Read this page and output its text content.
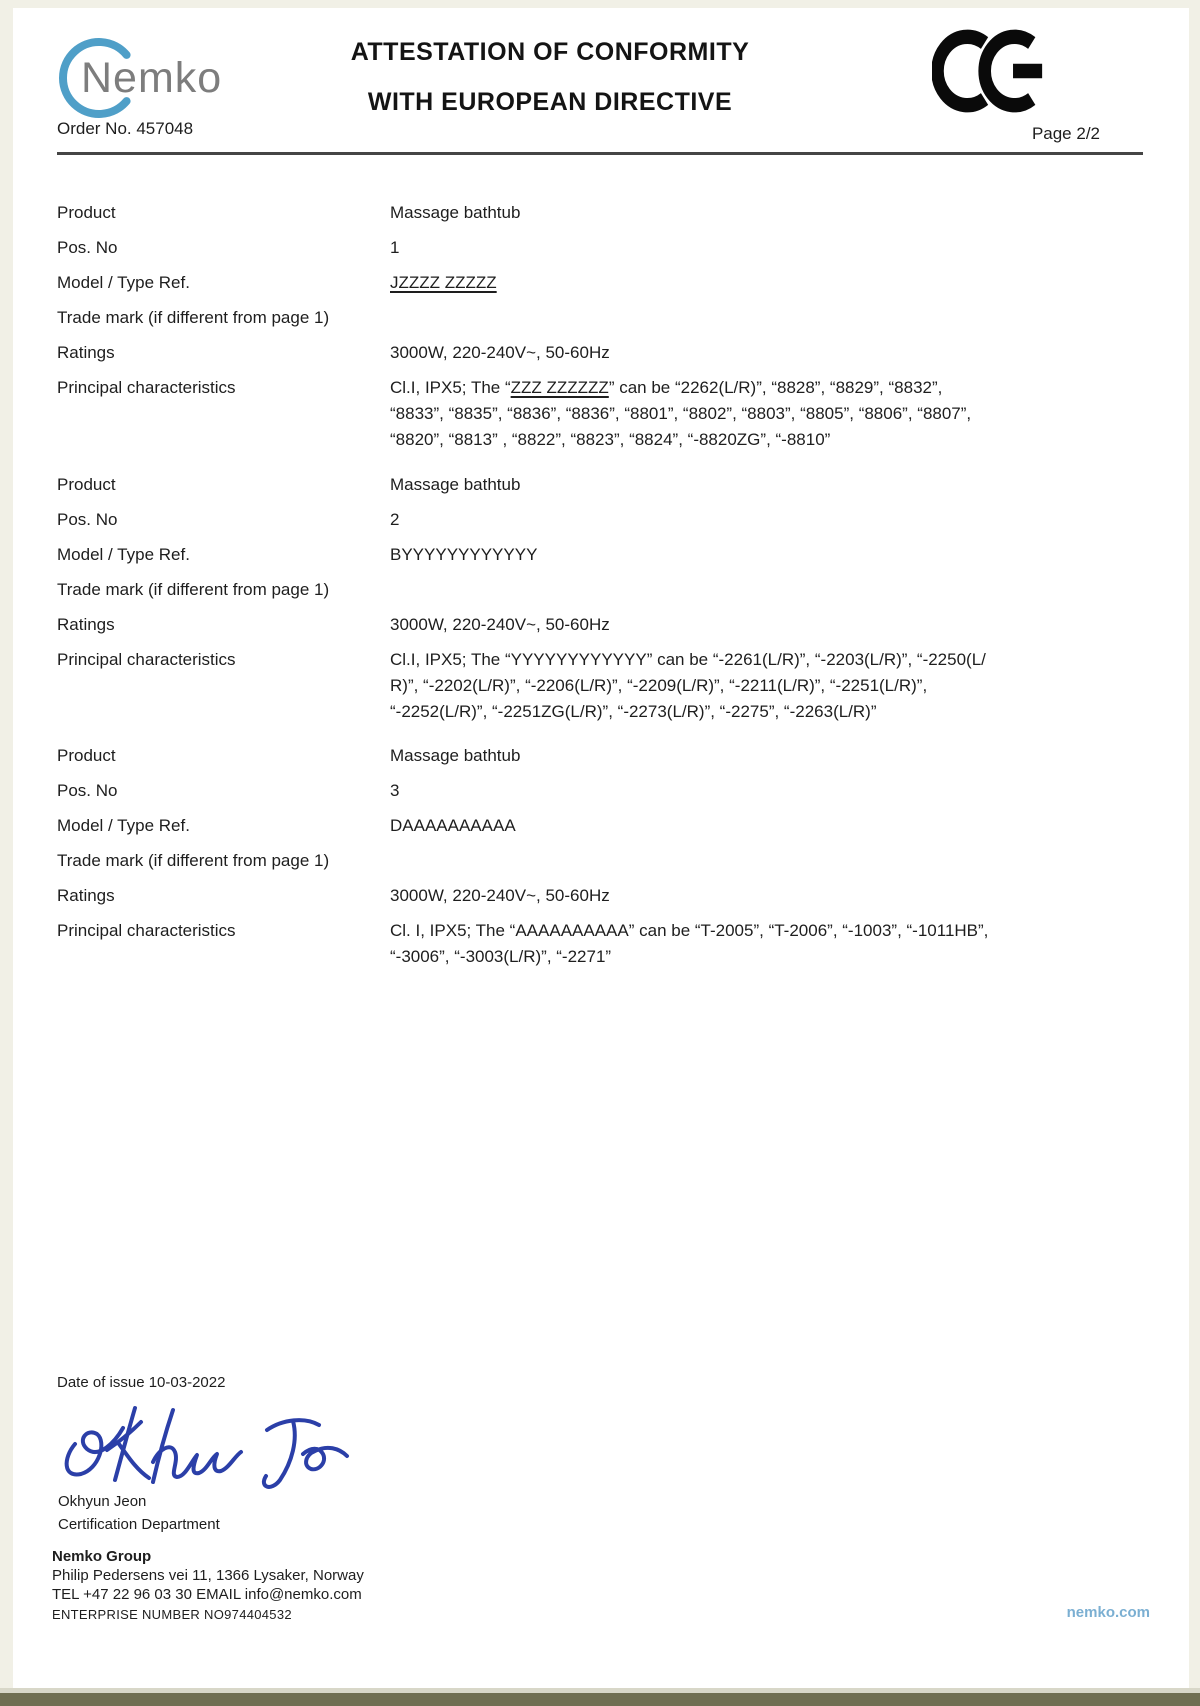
Nemko
ATTESTATION OF CONFORMITY
WITH EUROPEAN DIRECTIVE
Order No. 457048	Page 2/2
Product	Massage bathtub
Pos. No	1
Model / Type Ref.	JZZZZ ZZZZZ
Trade mark (if different from page 1)
Ratings	3000W, 220-240V~, 50-60Hz
Principal characteristics	Cl.I, IPX5; The “ZZZ ZZZZZZ” can be “2262(L/R)”, “8828”, “8829”, “8832”,
“8833”, “8835”, “8836”, “8836”, “8801”, “8802”, “8803”, “8805”, “8806”, “8807”,
“8820”, “8813” , “8822”, “8823”, “8824”, “-8820ZG”, “-8810”
Product	Massage bathtub
Pos. No	2
Model / Type Ref.	BYYYYYYYYYYYY
Trade mark (if different from page 1)
Ratings	3000W, 220-240V~, 50-60Hz
Principal characteristics	Cl.I, IPX5; The “YYYYYYYYYYYY” can be “-2261(L/R)”, “-2203(L/R)”, “-2250(L/
R)”, “-2202(L/R)”, “-2206(L/R)”, “-2209(L/R)”, “-2211(L/R)”, “-2251(L/R)”,
“-2252(L/R)”, “-2251ZG(L/R)”, “-2273(L/R)”, “-2275”, “-2263(L/R)”
Product	Massage bathtub
Pos. No	3
Model / Type Ref.	DAAAAAAAAAA
Trade mark (if different from page 1)
Ratings	3000W, 220-240V~, 50-60Hz
Principal characteristics	Cl. I, IPX5; The “AAAAAAAAAA” can be “T-2005”, “T-2006”, “-1003”, “-1011HB”,
“-3006”, “-3003(L/R)”, “-2271”
Date of issue 10-03-2022
Okhyun Jeon
Certification Department
Nemko Group
Philip Pedersens vei 11, 1366 Lysaker, Norway
TEL +47 22 96 03 30 EMAIL info@nemko.com
ENTERPRISE NUMBER NO974404532	nemko.com
